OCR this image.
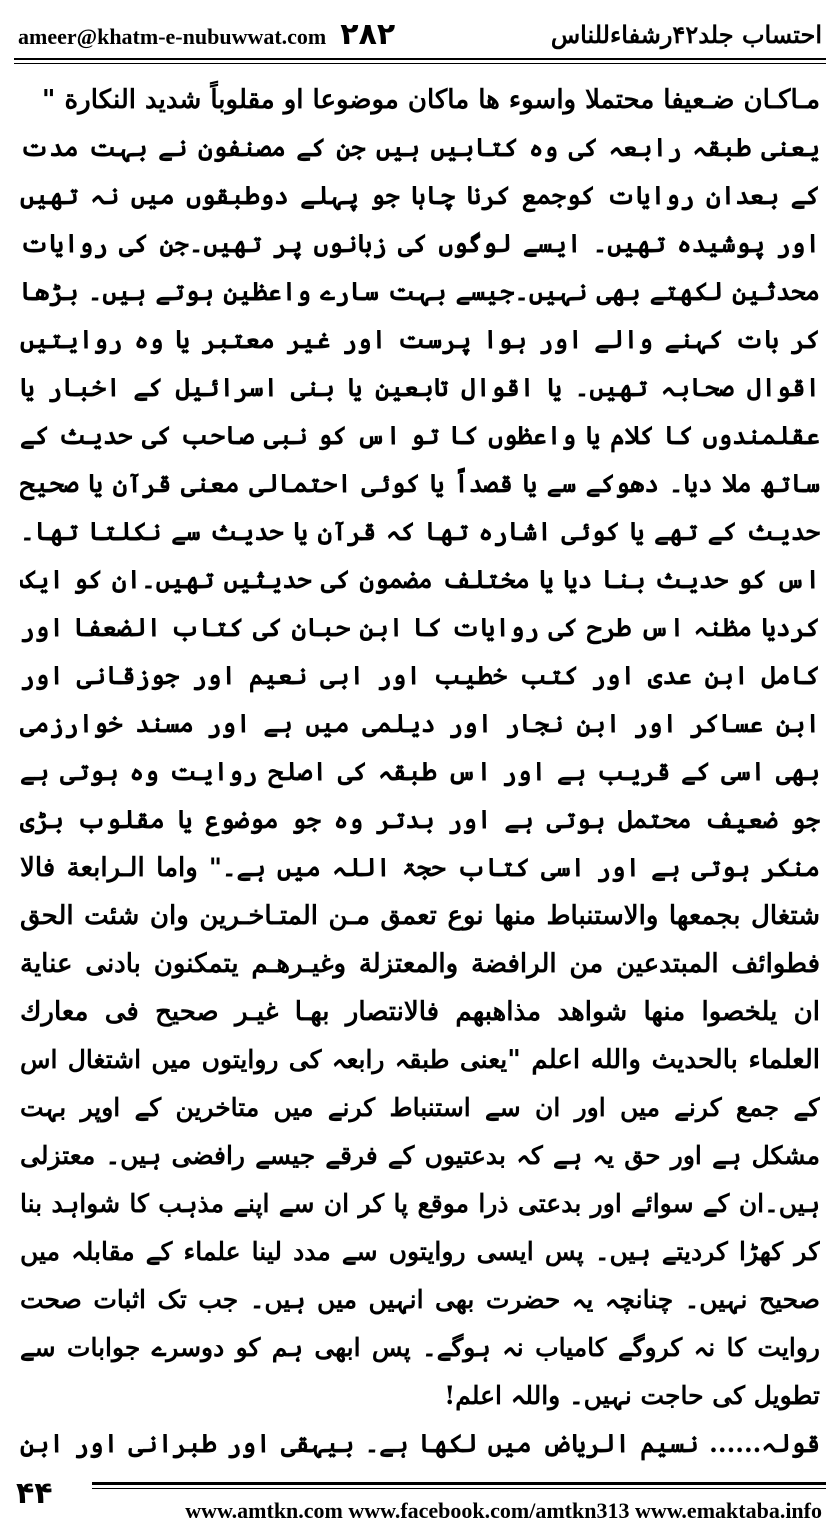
ameer@khatm-e-nubuwwat.com ۲۸۲	احتساب جلد۴۲رشفاءللناس

مـاكـان ضـعيفا محتملا واسوء ها ماكان موضوعا او مقلوباً شديد النكارة "

یعنی طبقہ رابعہ کی وہ کتابیں ہیں جن کے مصنفون نے بہت مدت کے بعدان روایات کوجمع کرنا چاہا جو پہلے دوطبقوں میں نہ تھیں اور پوشیدہ تھیں۔ ایسے لوگوں کی زبانوں پر تھیں۔جن کی روایات محدثین لکھتے بھی نہیں۔جیسے بہت سارے واعظین ہوتے ہیں۔ بڑھا کر بات کہنے والے اور ہوا پرست اور غیر معتبر یا وہ روایتیں اقوال صحابہ تھیں۔ یا اقوال تابعین یا بنی اسرائیل کے اخبار یا عقلمندوں کا کلام یا واعظوں کا تو اس کو نبی صاحب کی حدیث کے ساتھ ملا دیا۔ دھوکے سے یا قصداً یا کوئی احتمالی معنی قرآن یا صحیح حدیث کے تھے یا کوئی اشارہ تھا کہ قرآن یا حدیث سے نکلتا تھا۔اس کو حدیث بنا دیا یا مختلف مضمون کی حدیثیں تھیں۔ان کو ایک کردیا مظنہ اس طرح کی روایات کا ابن حبان کی کتاب الضعفا اور کامل ابن عدی اور کتب خطیب اور ابی نعیم اور جوزقانی اور ابن عساکر اور ابن نجار اور دیلمی میں ہے اور مسند خوارزمی بھی اسی کے قریب ہے اور اس طبقہ کی اصلح روایت وہ ہوتی ہے جو ضعیف محتمل ہوتی ہے اور بدتر وہ جو موضوع یا مقلوب بڑی منکر ہوتی ہے اور اسی کتاب حجۃ اللہ میں ہے۔" واما الـرابعة فالا شتغال بجمعها والاستنباط منها نوع تعمق مـن المتـاخـرين وان شئت الحق فطوائف المبتدعين من الرافضة والمعتزلة وغيـرهـم يتمكنون بادنى عناية ان يلخصوا منها شواهد مذاهبهم فالانتصار بهـا غيـر صحيح فى معارك العلماء بالحديث والله اعلم "یعنی طبقہ رابعہ کی روایتوں میں اشتغال اس کے جمع کرنے میں اور ان سے استنباط کرنے میں متاخرین کے اوپر بہت مشکل ہے اور حق یہ ہے کہ بدعتیوں کے فرقے جیسے رافضی ہیں۔ معتزلی ہیں۔ان کے سوائے اور بدعتی ذرا موقع پا کر ان سے اپنے مذہب کا شواہد بنا کر کھڑا کردیتے ہیں۔ پس ایسی روایتوں سے مدد لینا علماء کے مقابلہ میں صحیح نہیں۔ چنانچہ یہ حضرت بھی انہیں میں ہیں۔ جب تک اثبات صحت روایت کا نہ کروگے کامیاب نہ ہوگے۔ پس ابھی ہم کو دوسرے جوابات سے تطویل کی حاجت نہیں۔ واللہ اعلم!

قولہ...... نسیم الریاض میں لکھا ہے۔ بیہقی اور طبرانی اور ابن

۴۴	www.amtkn.com www.facebook.com/amtkn313 www.emaktaba.info
